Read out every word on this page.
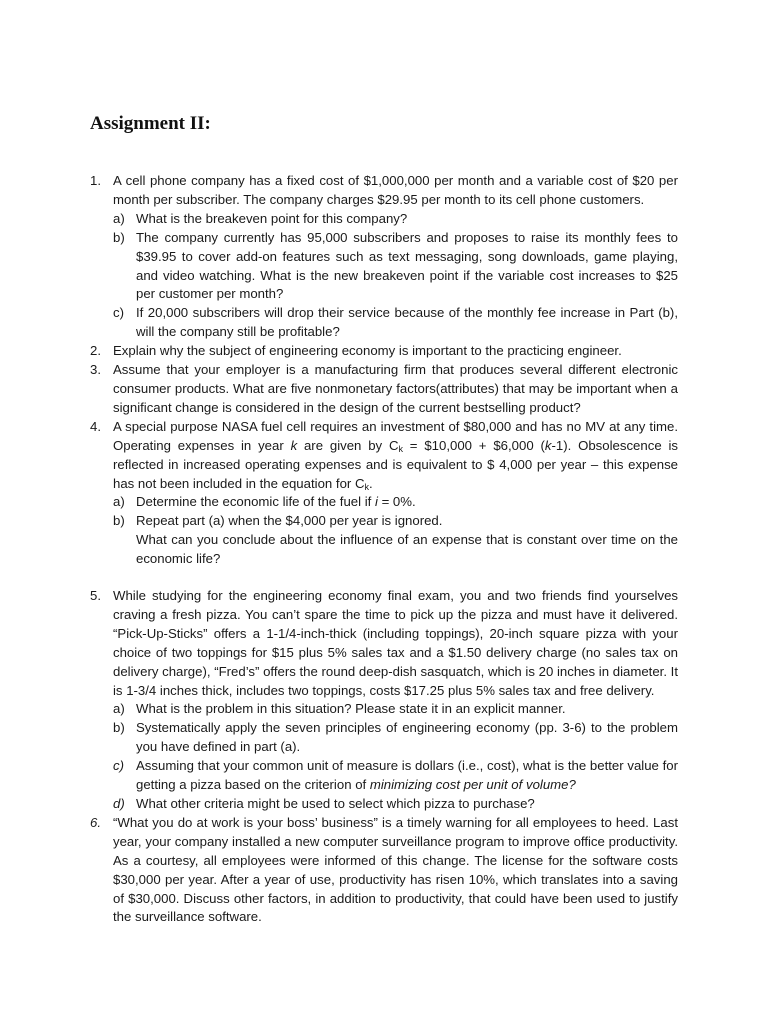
Assignment II:
1. A cell phone company has a fixed cost of $1,000,000 per month and a variable cost of $20 per month per subscriber. The company charges $29.95 per month to its cell phone customers.
a) What is the breakeven point for this company?
b) The company currently has 95,000 subscribers and proposes to raise its monthly fees to $39.95 to cover add-on features such as text messaging, song downloads, game playing, and video watching. What is the new breakeven point if the variable cost increases to $25 per customer per month?
c) If 20,000 subscribers will drop their service because of the monthly fee increase in Part (b), will the company still be profitable?
2. Explain why the subject of engineering economy is important to the practicing engineer.
3. Assume that your employer is a manufacturing firm that produces several different electronic consumer products. What are five nonmonetary factors(attributes) that may be important when a significant change is considered in the design of the current bestselling product?
4. A special purpose NASA fuel cell requires an investment of $80,000 and has no MV at any time. Operating expenses in year k are given by $C_k$ = $10,000 + $6,000 (k-1). Obsolescence is reflected in increased operating expenses and is equivalent to $ 4,000 per year – this expense has not been included in the equation for $C_k$.
a) Determine the economic life of the fuel if i = 0%.
b) Repeat part (a) when the $4,000 per year is ignored.
What can you conclude about the influence of an expense that is constant over time on the economic life?
5. While studying for the engineering economy final exam, you and two friends find yourselves craving a fresh pizza. You can’t spare the time to pick up the pizza and must have it delivered. “Pick-Up-Sticks” offers a 1-1/4-inch-thick (including toppings), 20-inch square pizza with your choice of two toppings for $15 plus 5% sales tax and a $1.50 delivery charge (no sales tax on delivery charge), “Fred’s” offers the round deep-dish sasquatch, which is 20 inches in diameter. It is 1-3/4 inches thick, includes two toppings, costs $17.25 plus 5% sales tax and free delivery.
a) What is the problem in this situation? Please state it in an explicit manner.
b) Systematically apply the seven principles of engineering economy (pp. 3-6) to the problem you have defined in part (a).
c) Assuming that your common unit of measure is dollars (i.e., cost), what is the better value for getting a pizza based on the criterion of minimizing cost per unit of volume?
d) What other criteria might be used to select which pizza to purchase?
6. “What you do at work is your boss’ business” is a timely warning for all employees to heed. Last year, your company installed a new computer surveillance program to improve office productivity. As a courtesy, all employees were informed of this change. The license for the software costs $30,000 per year. After a year of use, productivity has risen 10%, which translates into a saving of $30,000. Discuss other factors, in addition to productivity, that could have been used to justify the surveillance software.
